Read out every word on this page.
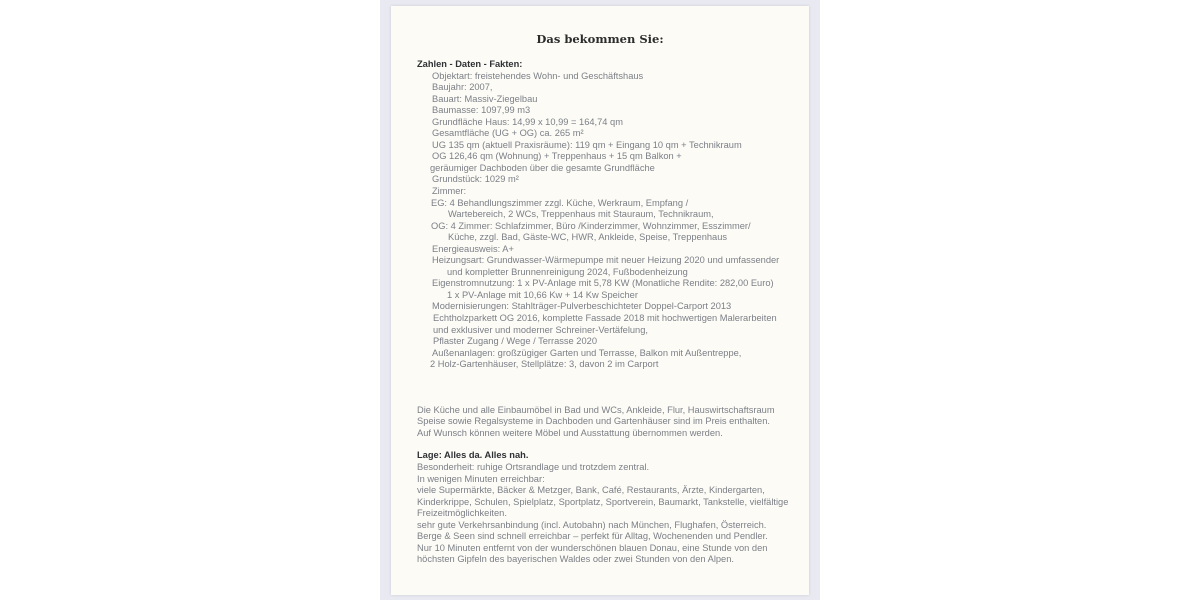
Das bekommen Sie:
Zahlen - Daten - Fakten:
Objektart: freistehendes Wohn- und Geschäftshaus
Baujahr: 2007,
Bauart: Massiv-Ziegelbau
Baumasse: 1097,99 m3
Grundfläche Haus: 14,99 x 10,99 = 164,74 qm
Gesamtfläche (UG + OG) ca. 265 m²
UG 135 qm (aktuell Praxisräume): 119 qm + Eingang 10 qm + Technikraum
OG 126,46 qm (Wohnung) + Treppenhaus + 15 qm Balkon +
geräumiger Dachboden über die gesamte Grundfläche
Grundstück: 1029 m²
Zimmer:
EG: 4 Behandlungszimmer zzgl. Küche, Werkraum, Empfang /
Wartebereich, 2 WCs, Treppenhaus mit Stauraum, Technikraum,
OG: 4 Zimmer: Schlafzimmer, Büro /Kinderzimmer, Wohnzimmer, Esszimmer/
Küche, zzgl. Bad, Gäste-WC, HWR, Ankleide, Speise, Treppenhaus
Energieausweis: A+
Heizungsart: Grundwasser-Wärmepumpe mit neuer Heizung 2020 und umfassender
und kompletter Brunnenreinigung 2024, Fußbodenheizung
Eigenstromnutzung: 1 x PV-Anlage mit 5,78 KW (Monatliche Rendite: 282,00 Euro)
1 x PV-Anlage mit 10,66 Kw + 14 Kw Speicher
Modernisierungen: Stahlträger-Pulverbeschichteter Doppel-Carport 2013
Echtholzparkett OG 2016, komplette Fassade 2018 mit hochwertigen Malerarbeiten
und exklusiver und moderner Schreiner-Vertäfelung,
Pflaster Zugang / Wege / Terrasse 2020
Außenanlagen: großzügiger Garten und Terrasse, Balkon mit Außentreppe,
2 Holz-Gartenhäuser, Stellplätze: 3, davon 2 im Carport
Die Küche und alle Einbaumöbel in Bad und WCs, Ankleide, Flur, Hauswirtschaftsraum
Speise sowie Regalsysteme in Dachboden und Gartenhäuser sind im Preis enthalten.
Auf Wunsch können weitere Möbel und Ausstattung übernommen werden.
Lage: Alles da. Alles nah.
Besonderheit: ruhige Ortsrandlage und trotzdem zentral.
In wenigen Minuten erreichbar:
viele Supermärkte, Bäcker & Metzger, Bank, Café, Restaurants, Ärzte, Kindergarten,
Kinderkrippe, Schulen, Spielplatz, Sportplatz, Sportverein, Baumarkt, Tankstelle, vielfältige
Freizeitmöglichkeiten.
sehr gute Verkehrsanbindung (incl. Autobahn) nach München, Flughafen, Österreich.
Berge & Seen sind schnell erreichbar – perfekt für Alltag, Wochenenden und Pendler.
Nur 10 Minuten entfernt von der wunderschönen blauen Donau, eine Stunde von den
höchsten Gipfeln des bayerischen Waldes oder zwei Stunden von den Alpen.
